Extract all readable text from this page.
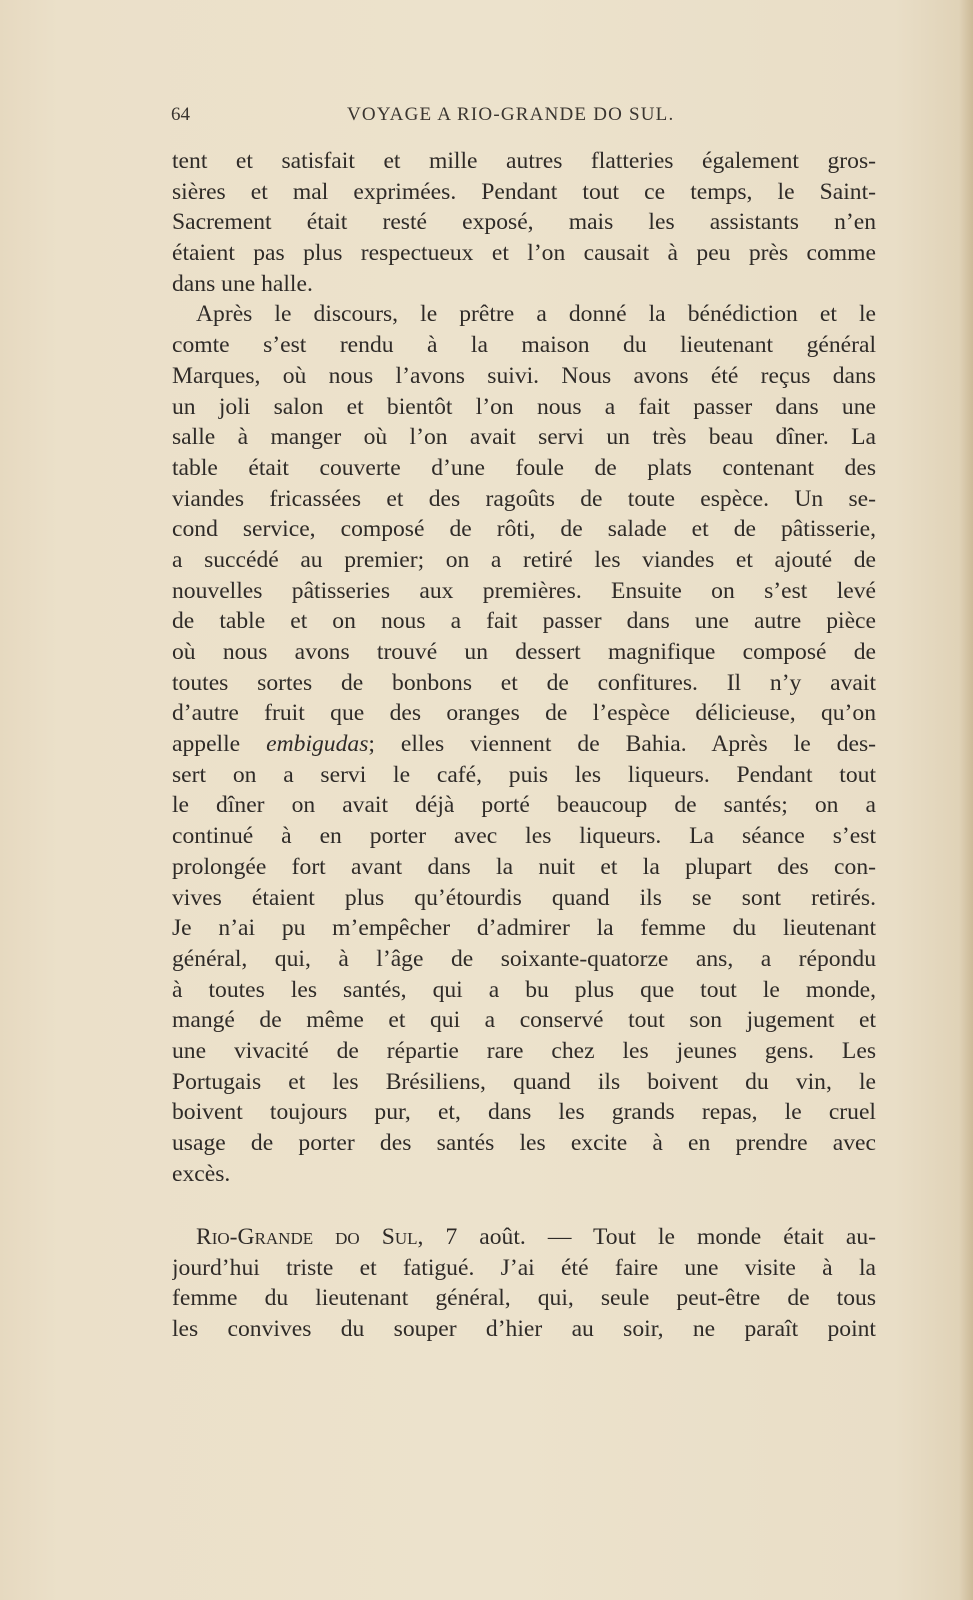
64	VOYAGE A RIO-GRANDE DO SUL.
tent et satisfait et mille autres flatteries également gros-
sières et mal exprimées. Pendant tout ce temps, le Saint-
Sacrement était resté exposé, mais les assistants n’en
étaient pas plus respectueux et l’on causait à peu près comme
dans une halle.
Après le discours, le prêtre a donné la bénédiction et le
comte s’est rendu à la maison du lieutenant général
Marques, où nous l’avons suivi. Nous avons été reçus dans
un joli salon et bientôt l’on nous a fait passer dans une
salle à manger où l’on avait servi un très beau dîner. La
table était couverte d’une foule de plats contenant des
viandes fricassées et des ragoûts de toute espèce. Un se-
cond service, composé de rôti, de salade et de pâtisserie,
a succédé au premier; on a retiré les viandes et ajouté de
nouvelles pâtisseries aux premières. Ensuite on s’est levé
de table et on nous a fait passer dans une autre pièce
où nous avons trouvé un dessert magnifique composé de
toutes sortes de bonbons et de confitures. Il n’y avait
d’autre fruit que des oranges de l’espèce délicieuse, qu’on
appelle embigudas; elles viennent de Bahia. Après le des-
sert on a servi le café, puis les liqueurs. Pendant tout
le dîner on avait déjà porté beaucoup de santés; on a
continué à en porter avec les liqueurs. La séance s’est
prolongée fort avant dans la nuit et la plupart des con-
vives étaient plus qu’étourdis quand ils se sont retirés.
Je n’ai pu m’empêcher d’admirer la femme du lieutenant
général, qui, à l’âge de soixante-quatorze ans, a répondu
à toutes les santés, qui a bu plus que tout le monde,
mangé de même et qui a conservé tout son jugement et
une vivacité de répartie rare chez les jeunes gens. Les
Portugais et les Brésiliens, quand ils boivent du vin, le
boivent toujours pur, et, dans les grands repas, le cruel
usage de porter des santés les excite à en prendre avec
excès.
Rio-Grande do Sul, 7 août. — Tout le monde était au-
jourd’hui triste et fatigué. J’ai été faire une visite à la
femme du lieutenant général, qui, seule peut-être de tous
les convives du souper d’hier au soir, ne paraît point
